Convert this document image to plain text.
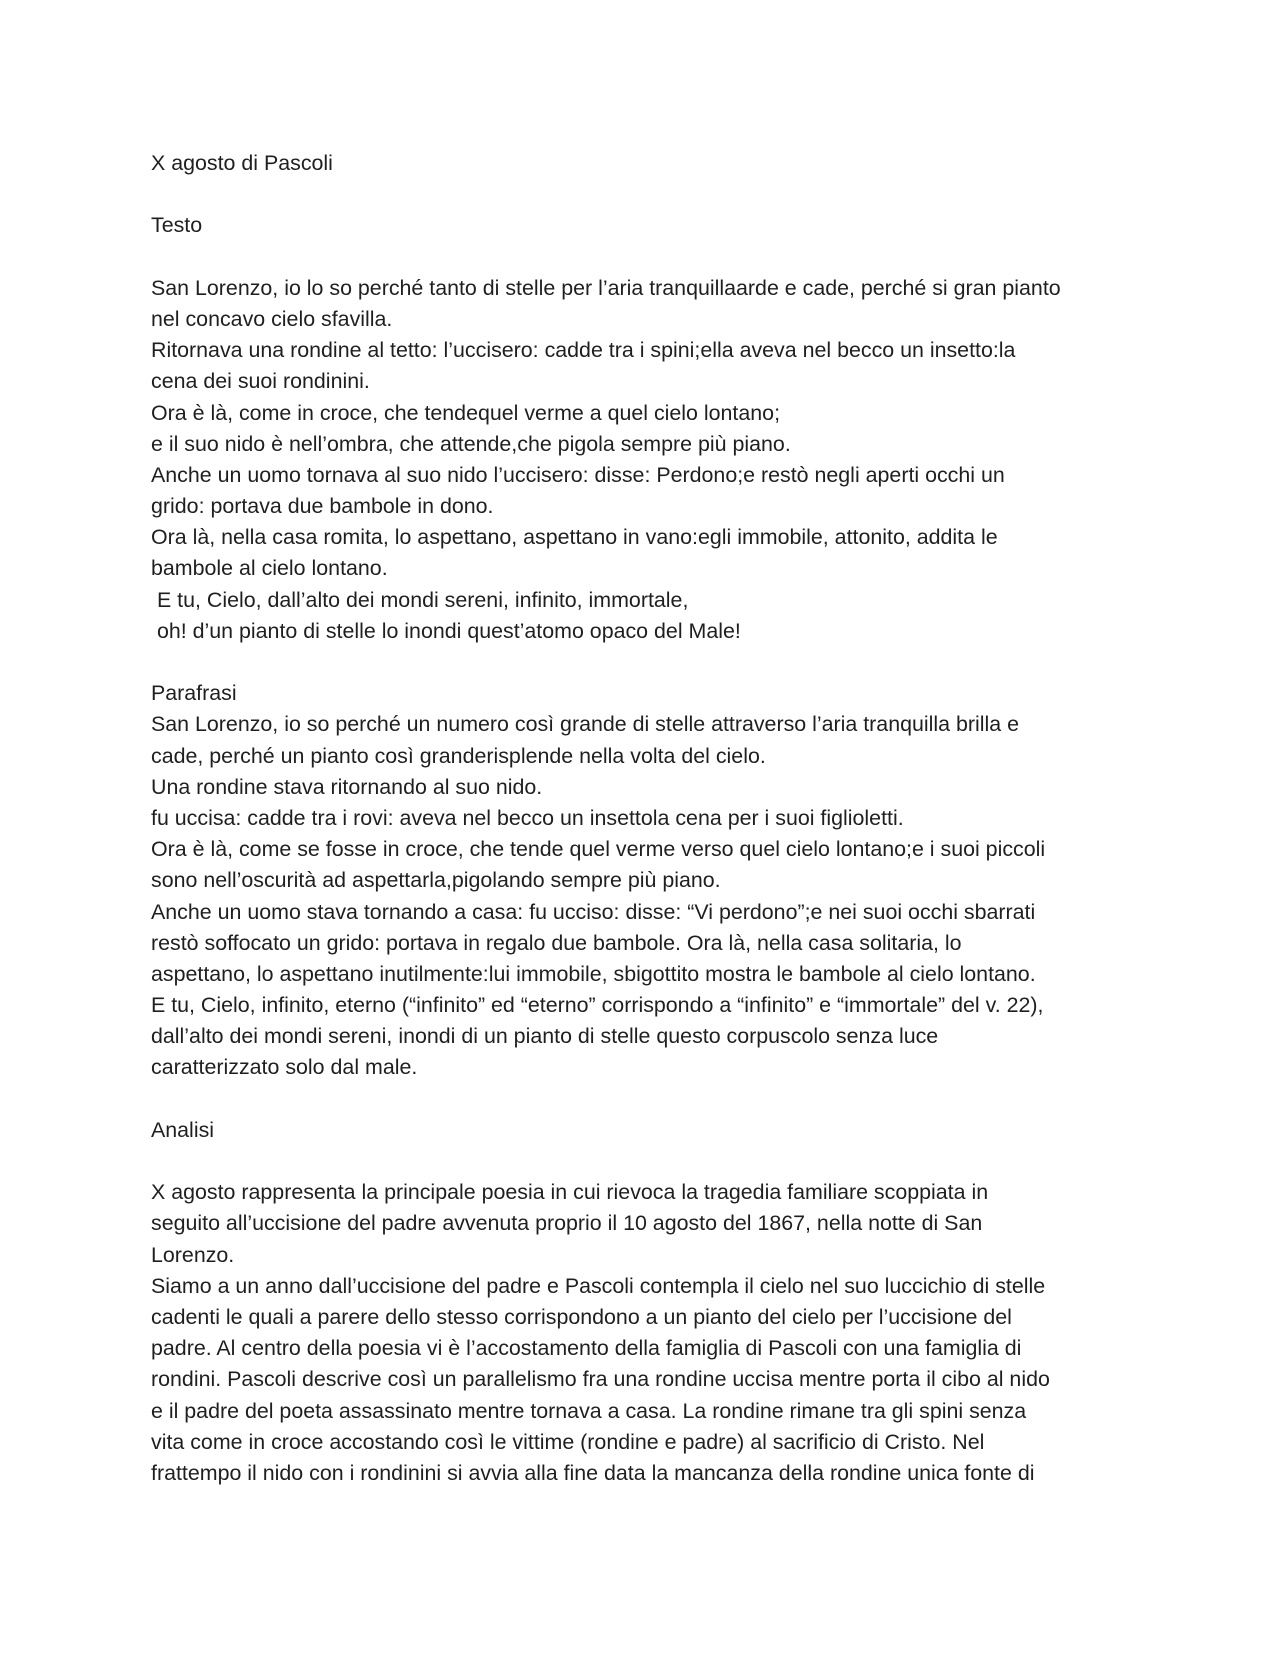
X agosto di Pascoli
Testo
San Lorenzo, io lo so perché tanto di stelle per l’aria tranquillaarde e cade, perché si gran pianto
nel concavo cielo sfavilla.
Ritornava una rondine al tetto: l’uccisero: cadde tra i spini;ella aveva nel becco un insetto:la
cena dei suoi rondinini.
Ora è là, come in croce, che tendequel verme a quel cielo lontano;
e il suo nido è nell’ombra, che attende,che pigola sempre più piano.
Anche un uomo tornava al suo nido l’uccisero: disse: Perdono;e restò negli aperti occhi un
grido: portava due bambole in dono.
Ora là, nella casa romita, lo aspettano, aspettano in vano:egli immobile, attonito, addita le
bambole al cielo lontano.
E tu, Cielo, dall’alto dei mondi sereni, infinito, immortale,
oh! d’un pianto di stelle lo inondi quest’atomo opaco del Male!
Parafrasi
San Lorenzo, io so perché un numero così grande di stelle attraverso l’aria tranquilla brilla e
cade, perché un pianto così granderisplende nella volta del cielo.
Una rondine stava ritornando al suo nido.
fu uccisa: cadde tra i rovi: aveva nel becco un insettola cena per i suoi figlioletti.
Ora è là, come se fosse in croce, che tende quel verme verso quel cielo lontano;e i suoi piccoli
sono nell’oscurità ad aspettarla,pigolando sempre più piano.
Anche un uomo stava tornando a casa: fu ucciso: disse: “Vi perdono”;e nei suoi occhi sbarrati
restò soffocato un grido: portava in regalo due bambole. Ora là, nella casa solitaria, lo
aspettano, lo aspettano inutilmente:lui immobile, sbigottito mostra le bambole al cielo lontano.
E tu, Cielo, infinito, eterno (“infinito” ed “eterno” corrispondo a “infinito” e “immortale” del v. 22),
dall’alto dei mondi sereni, inondi di un pianto di stelle questo corpuscolo senza luce
caratterizzato solo dal male.
Analisi
X agosto rappresenta la principale poesia in cui rievoca la tragedia familiare scoppiata in
seguito all’uccisione del padre avvenuta proprio il 10 agosto del 1867, nella notte di San
Lorenzo.
Siamo a un anno dall’uccisione del padre e Pascoli contempla il cielo nel suo luccichio di stelle
cadenti le quali a parere dello stesso corrispondono a un pianto del cielo per l’uccisione del
padre. Al centro della poesia vi è l’accostamento della famiglia di Pascoli con una famiglia di
rondini. Pascoli descrive così un parallelismo fra una rondine uccisa mentre porta il cibo al nido
e il padre del poeta assassinato mentre tornava a casa. La rondine rimane tra gli spini senza
vita come in croce accostando così le vittime (rondine e padre) al sacrificio di Cristo. Nel
frattempo il nido con i rondinini si avvia alla fine data la mancanza della rondine unica fonte di
